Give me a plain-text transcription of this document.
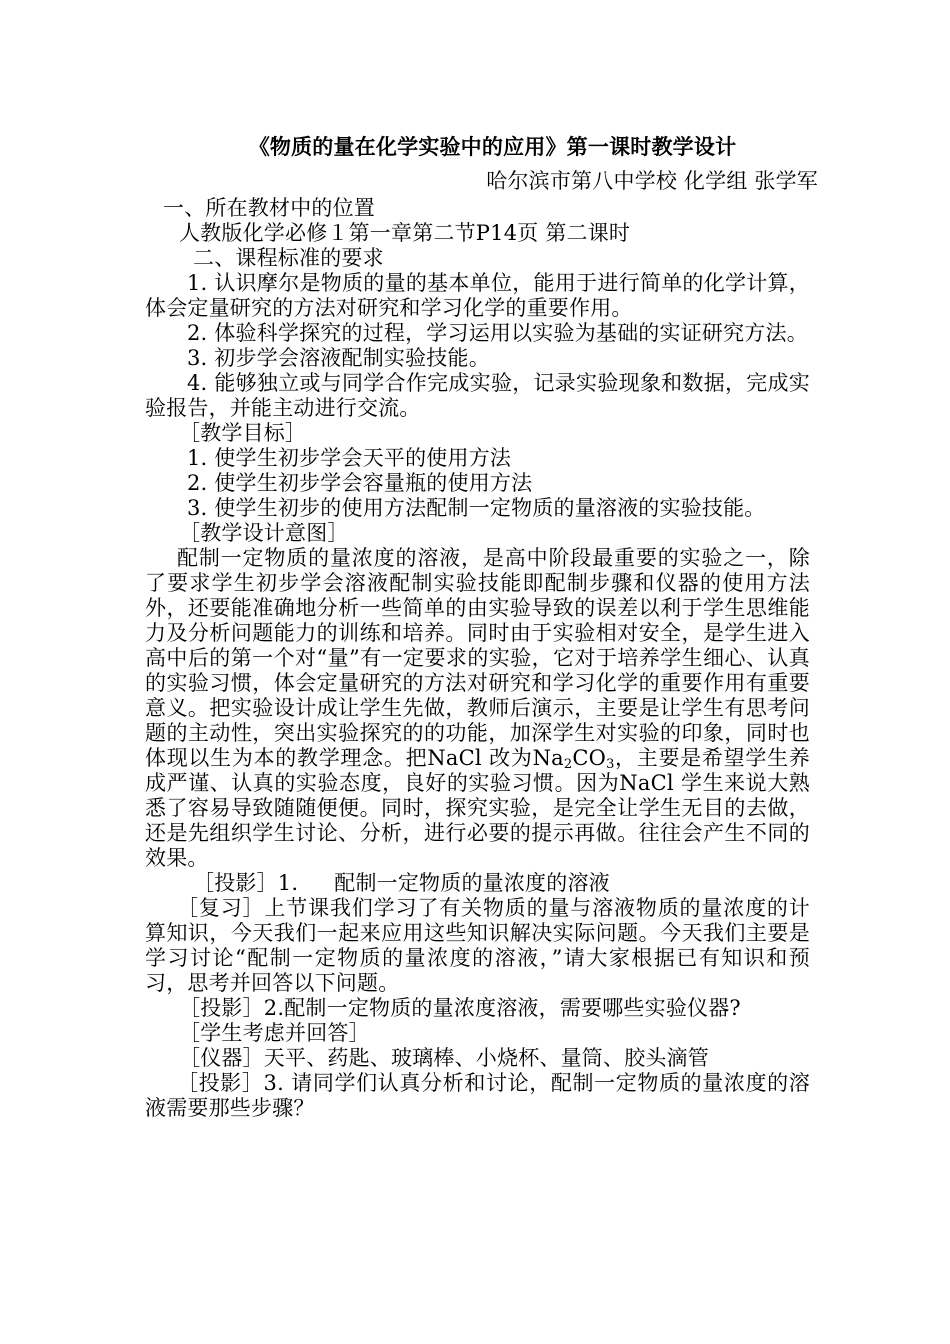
《物质的量在化学实验中的应用》第一课时教学设计
哈尔滨市第八中学校 化学组 张学军
一、所在教材中的位置
人教版化学必修１第一章第二节P14页 第二课时
二、课程标准的要求

1. 认识摩尔是物质的量的基本单位，能用于进行简单的化学计算，体会定量研究的方法对研究和学习化学的重要作用。

2. 体验科学探究的过程，学习运用以实验为基础的实证研究方法。

3. 初步学会溶液配制实验技能。

4. 能够独立或与同学合作完成实验，记录实验现象和数据，完成实验报告，并能主动进行交流。

［教学目标］

1. 使学生初步学会天平的使用方法

2. 使学生初步学会容量瓶的使用方法

3. 使学生初步的使用方法配制一定物质的量溶液的实验技能。

［教学设计意图］

配制一定物质的量浓度的溶液，是高中阶段最重要的实验之一，除了要求学生初步学会溶液配制实验技能即配制步骤和仪器的使用方法外，还要能准确地分析一些简单的由实验导致的误差以利于学生思维能力及分析问题能力的训练和培养。同时由于实验相对安全，是学生进入高中后的第一个对“量”有一定要求的实验，它对于培养学生细心、认真的实验习惯，体会定量研究的方法对研究和学习化学的重要作用有重要意义。把实验设计成让学生先做，教师后演示，主要是让学生有思考问题的主动性，突出实验探究的的功能，加深学生对实验的印象，同时也体现以生为本的教学理念。把NaCl 改为$Na_2CO_3$，主要是希望学生养成严谨、认真的实验态度，良好的实验习惯。因为NaCl 学生来说大熟悉了容易导致随随便便。同时，探究实验，是完全让学生无目的去做，还是先组织学生讨论、分析，进行必要的提示再做。往往会产生不同的效果。

［投影］1. 配制一定物质的量浓度的溶液

［复习］上节课我们学习了有关物质的量与溶液物质的量浓度的计算知识，今天我们一起来应用这些知识解决实际问题。今天我们主要是学习讨论“配制一定物质的量浓度的溶液，”请大家根据已有知识和预习，思考并回答以下问题。

［投影］2.配制一定物质的量浓度溶液，需要哪些实验仪器?
［学生考虑并回答］
［仪器］天平、药匙、玻璃棒、小烧杯、量筒、胶头滴管

［投影］3. 请同学们认真分析和讨论，配制一定物质的量浓度的溶液需要那些步骤？
